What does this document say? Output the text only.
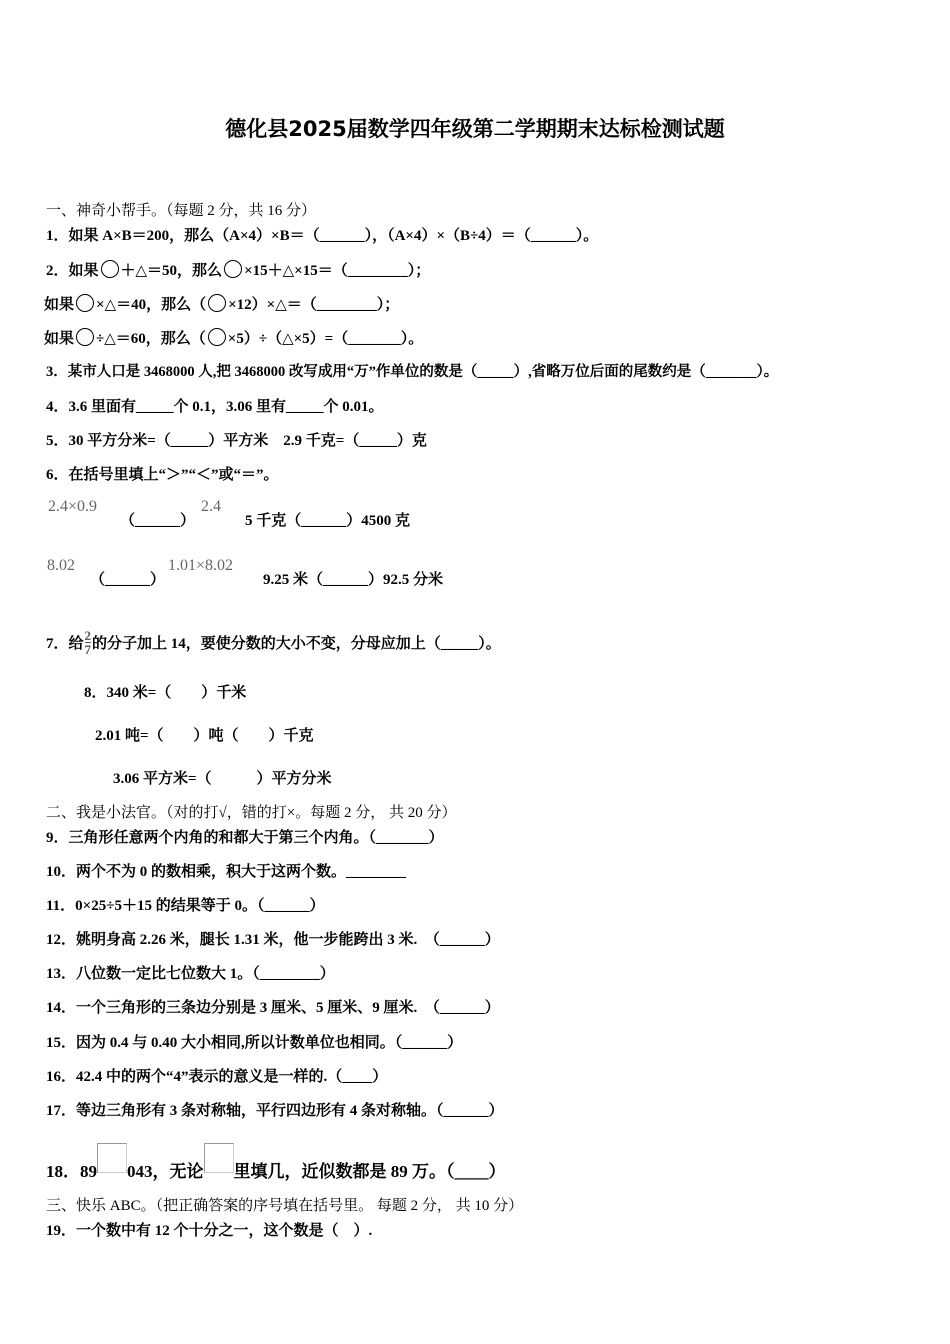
德化县2025届数学四年级第二学期期末达标检测试题
一、神奇小帮手。（每题 2 分，共 16 分）
1．如果 A×B＝200，那么（A×4）×B＝（______），（A×4）×（B÷4）＝（______）。
2．如果 ＋△＝50，那么 ×15＋△×15＝（________）；
如果 ×△＝40，那么（ ×12）×△＝（________）；
如果 ÷△＝60，那么（ ×5）÷（△×5）=（_______）。
3．某市人口是 3468000 人,把 3468000 改写成用“万”作单位的数是（_____）,省略万位后面的尾数约是（_______）。
4．3.6 里面有_____个 0.1，3.06 里有_____个 0.01。
5．30 平方分米=（_____）平方米　2.9 千克=（_____）克
6．在括号里填上“＞”“＜”或“＝”。
2.4×0.9
（______）
2.4
5 千克（______）4500 克
8.02
（______）
1.01×8.02
9.25 米（______）92.5 分米
7．给 $\frac{2}{7}$ 的分子加上 14，要使分数的大小不变，分母应加上（_____）。
8．340 米=（　　）千米
2.01 吨=（　　）吨（　　）千克
3.06 平方米=（　　　）平方分米
二、我是小法官。（对的打√，错的打×。每题 2 分， 共 20 分）
9．三角形任意两个内角的和都大于第三个内角。（_______）
10．两个不为 0 的数相乘，积大于这两个数。________
11．0×25÷5＋15 的结果等于 0。（______）
12．姚明身高 2.26 米，腿长 1.31 米，他一步能跨出 3 米.　（______）
13．八位数一定比七位数大 1。（________）
14．一个三角形的三条边分别是 3 厘米、5 厘米、9 厘米.　（______）
15．因为 0.4 与 0.40 大小相同,所以计数单位也相同。（______）
16．42.4 中的两个“4”表示的意义是一样的.（____）
17．等边三角形有 3 条对称轴，平行四边形有 4 条对称轴。（______）
18．89 043，无论 里填几，近似数都是 89 万。（____）
三、快乐 ABC。（把正确答案的序号填在括号里。 每题 2 分， 共 10 分）
19．一个数中有 12 个十分之一，这个数是（　）.
